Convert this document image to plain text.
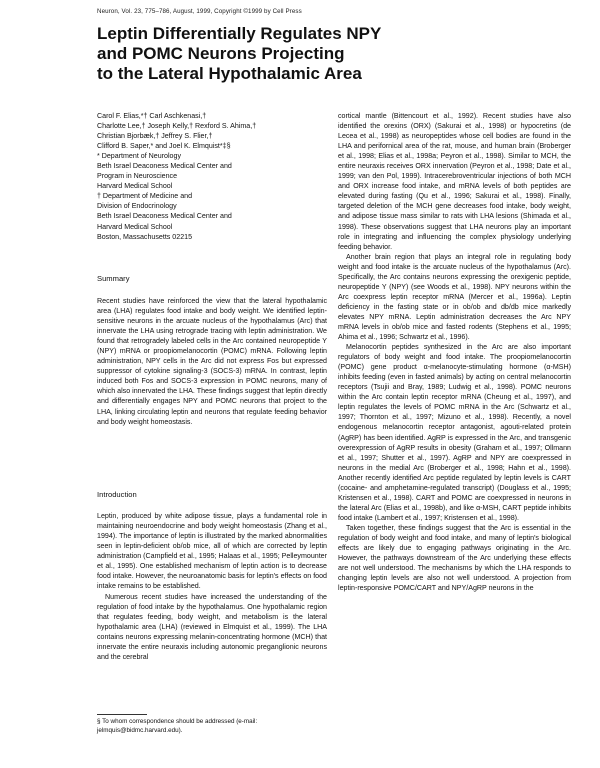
Neuron, Vol. 23, 775–786, August, 1999, Copyright ©1999 by Cell Press
Leptin Differentially Regulates NPY
and POMC Neurons Projecting
to the Lateral Hypothalamic Area
Carol F. Elias,*† Carl Aschkenasi,†
Charlotte Lee,† Joseph Kelly,† Rexford S. Ahima,†
Christian Bjorbæk,† Jeffrey S. Flier,†
Clifford B. Saper,* and Joel K. Elmquist*‡§
* Department of Neurology
Beth Israel Deaconess Medical Center and
Program in Neuroscience
Harvard Medical School
† Department of Medicine and
Division of Endocrinology
Beth Israel Deaconess Medical Center and
Harvard Medical School
Boston, Massachusetts 02215
Summary
Recent studies have reinforced the view that the lateral hypothalamic area (LHA) regulates food intake and body weight. We identified leptin-sensitive neurons in the arcuate nucleus of the hypothalamus (Arc) that innervate the LHA using retrograde tracing with leptin administration. We found that retrogradely labeled cells in the Arc contained neuropeptide Y (NPY) mRNA or proopiomelanocortin (POMC) mRNA. Following leptin administration, NPY cells in the Arc did not express Fos but expressed suppressor of cytokine signaling-3 (SOCS-3) mRNA. In contrast, leptin induced both Fos and SOCS-3 expression in POMC neurons, many of which also innervated the LHA. These findings suggest that leptin directly and differentially engages NPY and POMC neurons that project to the LHA, linking circulating leptin and neurons that regulate feeding behavior and body weight homeostasis.
Introduction
Leptin, produced by white adipose tissue, plays a fundamental role in maintaining neuroendocrine and body weight homeostasis (Zhang et al., 1994). The importance of leptin is illustrated by the marked abnormalities seen in leptin-deficient ob/ob mice, all of which are corrected by leptin administration (Campfield et al., 1995; Halaas et al., 1995; Pelleymounter et al., 1995). One established mechanism of leptin action is to decrease food intake. However, the neuroanatomic basis for leptin's effects on food intake remains to be established.
Numerous recent studies have increased the understanding of the regulation of food intake by the hypothalamus. One hypothalamic region that regulates feeding, body weight, and metabolism is the lateral hypothalamic area (LHA) (reviewed in Elmquist et al., 1999). The LHA contains neurons expressing melanin-concentrating hormone (MCH) that innervate the entire neuraxis including autonomic preganglionic neurons and the cerebral
§ To whom correspondence should be addressed (e-mail: jelmquis@bidmc.harvard.edu).

cortical mantle (Bittencourt et al., 1992). Recent studies have also identified the orexins (ORX) (Sakurai et al., 1998) or hypocretins (de Lecea et al., 1998) as neuropeptides whose cell bodies are found in the LHA and perifornical area of the rat, mouse, and human brain (Broberger et al., 1998; Elias et al., 1998a; Peyron et al., 1998). Similar to MCH, the entire neuraxis receives ORX innervation (Peyron et al., 1998; Date et al., 1999; van den Pol, 1999). Intracerebroventricular injections of both MCH and ORX increase food intake, and mRNA levels of both peptides are elevated during fasting (Qu et al., 1996; Sakurai et al., 1998). Finally, targeted deletion of the MCH gene decreases food intake, body weight, and adipose tissue mass similar to rats with LHA lesions (Shimada et al., 1998). These observations suggest that LHA neurons play an important role in integrating and influencing the complex physiology underlying feeding behavior.

Another brain region that plays an integral role in regulating body weight and food intake is the arcuate nucleus of the hypothalamus (Arc). Specifically, the Arc contains neurons expressing the orexigenic peptide, neuropeptide Y (NPY) (see Woods et al., 1998). NPY neurons within the Arc coexpress leptin receptor mRNA (Mercer et al., 1996a). Leptin deficiency in the fasting state or in ob/ob and db/db mice markedly elevates NPY mRNA. Leptin administration decreases the Arc NPY mRNA levels in ob/ob mice and fasted rodents (Stephens et al., 1995; Ahima et al., 1996; Schwartz et al., 1996).

Melanocortin peptides synthesized in the Arc are also important regulators of body weight and food intake. The proopiomelanocortin (POMC) gene product α-melanocyte-stimulating hormone (α-MSH) inhibits feeding (even in fasted animals) by acting on central melanocortin receptors (Tsujii and Bray, 1989; Ludwig et al., 1998). POMC neurons within the Arc contain leptin receptor mRNA (Cheung et al., 1997), and leptin regulates the levels of POMC mRNA in the Arc (Schwartz et al., 1997; Thornton et al., 1997; Mizuno et al., 1998). Recently, a novel endogenous melanocortin receptor antagonist, agouti-related protein (AgRP) has been identified. AgRP is expressed in the Arc, and transgenic overexpression of AgRP results in obesity (Graham et al., 1997; Ollmann et al., 1997; Shutter et al., 1997). AgRP and NPY are coexpressed in neurons in the medial Arc (Broberger et al., 1998; Hahn et al., 1998). Another recently identified Arc peptide regulated by leptin levels is CART (cocaine- and amphetamine-regulated transcript) (Douglass et al., 1995; Kristensen et al., 1998). CART and POMC are coexpressed in neurons in the lateral Arc (Elias et al., 1998b), and like α-MSH, CART peptide inhibits food intake (Lambert et al., 1997; Kristensen et al., 1998).

Taken together, these findings suggest that the Arc is essential in the regulation of body weight and food intake, and many of leptin's biological effects are likely due to engaging pathways originating in the Arc. However, the pathways downstream of the Arc underlying these effects are not well understood. The mechanisms by which the LHA responds to changing leptin levels are also not well understood. A projection from leptin-responsive POMC/CART and NPY/AgRP neurons in the
